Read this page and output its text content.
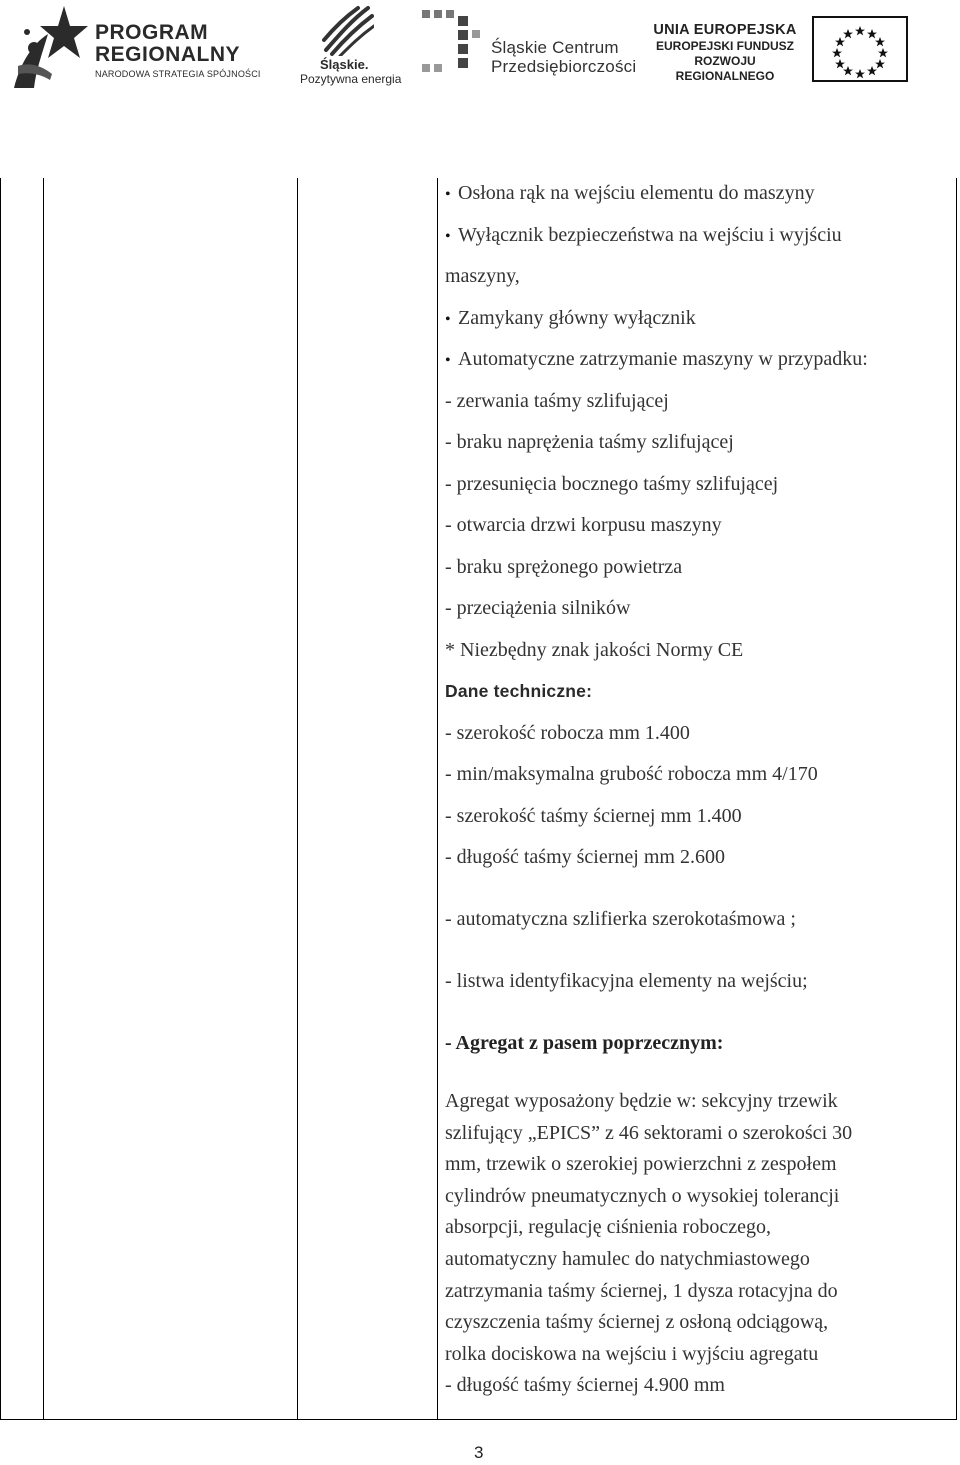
PROGRAM
REGIONALNY
NARODOWA STRATEGIA SPÓJNOŚCI
Śląskie.
Pozytywna energia
Śląskie Centrum
Przedsiębiorczości
UNIA EUROPEJSKA
EUROPEJSKI FUNDUSZ
ROZWOJU REGIONALNEGO
• Osłona rąk na wejściu elementu do maszyny
• Wyłącznik bezpieczeństwa na wejściu i wyjściu
maszyny,
• Zamykany główny wyłącznik
• Automatyczne zatrzymanie maszyny w przypadku:
- zerwania taśmy szlifującej
- braku naprężenia taśmy szlifującej
- przesunięcia bocznego taśmy szlifującej
- otwarcia drzwi korpusu maszyny
- braku sprężonego powietrza
- przeciążenia silników
* Niezbędny znak jakości Normy CE
Dane techniczne:
- szerokość robocza mm 1.400
- min/maksymalna grubość robocza mm 4/170
- szerokość taśmy ściernej mm 1.400
- długość taśmy ściernej mm 2.600
- automatyczna szlifierka szerokotaśmowa ;
- listwa identyfikacyjna elementy na wejściu;
- Agregat z pasem poprzecznym:
Agregat wyposażony będzie w: sekcyjny trzewik
szlifujący „EPICS” z 46 sektorami o szerokości 30
mm, trzewik o szerokiej powierzchni z zespołem
cylindrów pneumatycznych o wysokiej tolerancji
absorpcji, regulację ciśnienia roboczego,
automatyczny hamulec do natychmiastowego
zatrzymania taśmy ściernej, 1 dysza rotacyjna do
czyszczenia taśmy ściernej z osłoną odciągową,
rolka dociskowa na wejściu i wyjściu agregatu
- długość taśmy ściernej 4.900 mm
3
